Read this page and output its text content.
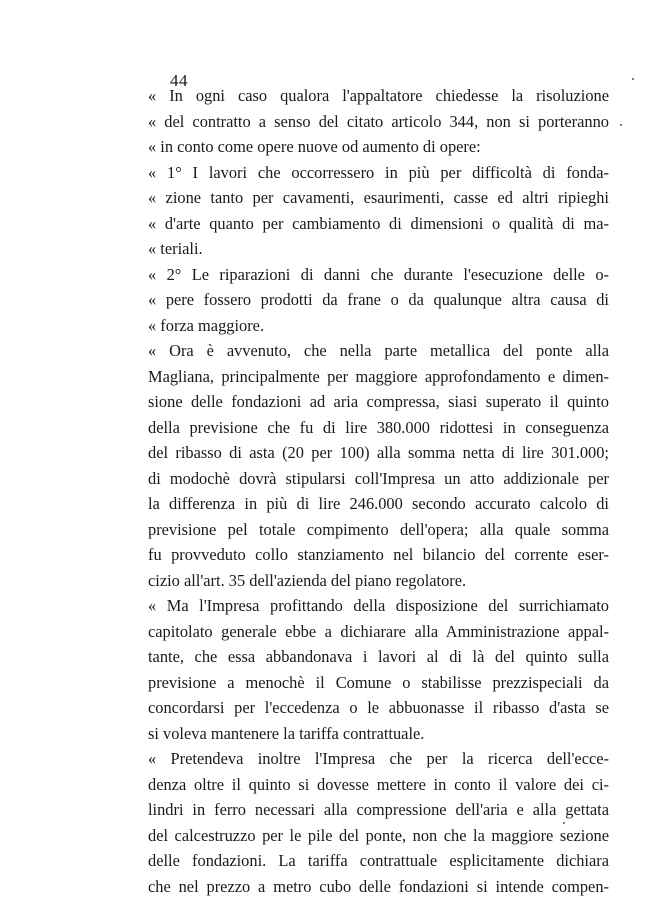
44
« In ogni caso qualora l'appaltatore chiedesse la risoluzione
« del contratto a senso del citato articolo 344, non si porteranno
« in conto come opere nuove od aumento di opere:
« 1° I lavori che occorressero in più per difficoltà di fonda-
« zione tanto per cavamenti, esaurimenti, casse ed altri ripieghi
« d'arte quanto per cambiamento di dimensioni o qualità di ma-
« teriali.
« 2° Le riparazioni di danni che durante l'esecuzione delle o-
« pere fossero prodotti da frane o da qualunque altra causa di
« forza maggiore.
« Ora è avvenuto, che nella parte metallica del ponte alla
Magliana, principalmente per maggiore approfondamento e dimen-
sione delle fondazioni ad aria compressa, siasi superato il quinto
della previsione che fu di lire 380.000 ridottesi in conseguenza
del ribasso di asta (20 per 100) alla somma netta di lire 301.000;
di modochè dovrà stipularsi coll'Impresa un atto addizionale per
la differenza in più di lire 246.000 secondo accurato calcolo di
previsione pel totale compimento dell'opera; alla quale somma
fu provveduto collo stanziamento nel bilancio del corrente eser-
cizio all'art. 35 dell'azienda del piano regolatore.
« Ma l'Impresa profittando della disposizione del surrichiamato
capitolato generale ebbe a dichiarare alla Amministrazione appal-
tante, che essa abbandonava i lavori al di là del quinto sulla
previsione a menochè il Comune o stabilisse prezzispeciali da
concordarsi per l'eccedenza o le abbuonasse il ribasso d'asta se
si voleva mantenere la tariffa contrattuale.
« Pretendeva inoltre l'Impresa che per la ricerca dell'ecce-
denza oltre il quinto si dovesse mettere in conto il valore dei ci-
lindri in ferro necessari alla compressione dell'aria e alla gettata
del calcestruzzo per le pile del ponte, non che la maggiore sezione
delle fondazioni. La tariffa contrattuale esplicitamente dichiara
che nel prezzo a metro cubo delle fondazioni si intende compen-
